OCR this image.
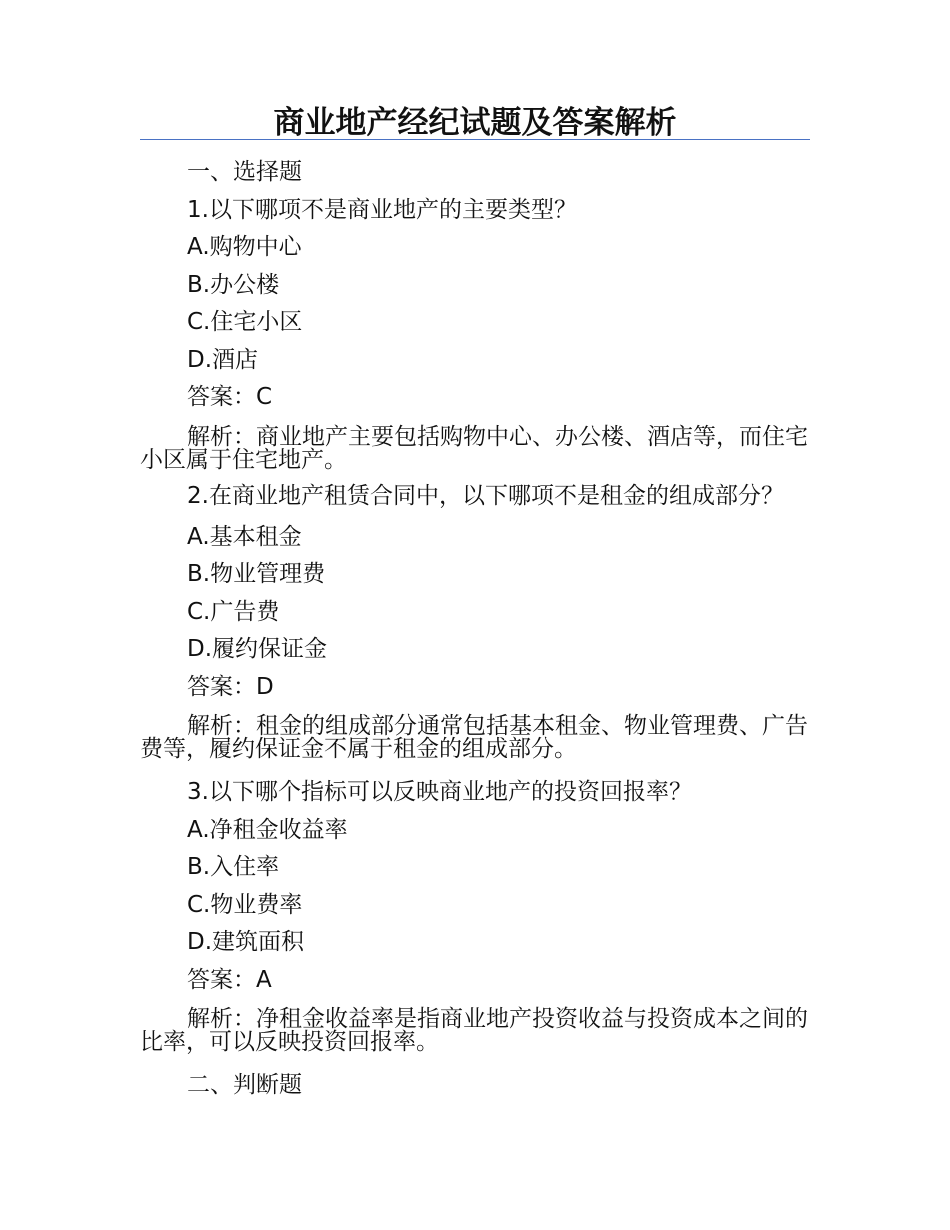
商业地产经纪试题及答案解析
一、选择题
1.以下哪项不是商业地产的主要类型？
A.购物中心
B.办公楼
C.住宅小区
D.酒店
答案：C
解析：商业地产主要包括购物中心、办公楼、酒店等，而住宅小区属于住宅地产。
2.在商业地产租赁合同中，以下哪项不是租金的组成部分？
A.基本租金
B.物业管理费
C.广告费
D.履约保证金
答案：D
解析：租金的组成部分通常包括基本租金、物业管理费、广告费等，履约保证金不属于租金的组成部分。
3.以下哪个指标可以反映商业地产的投资回报率？
A.净租金收益率
B.入住率
C.物业费率
D.建筑面积
答案：A
解析：净租金收益率是指商业地产投资收益与投资成本之间的比率，可以反映投资回报率。
二、判断题
